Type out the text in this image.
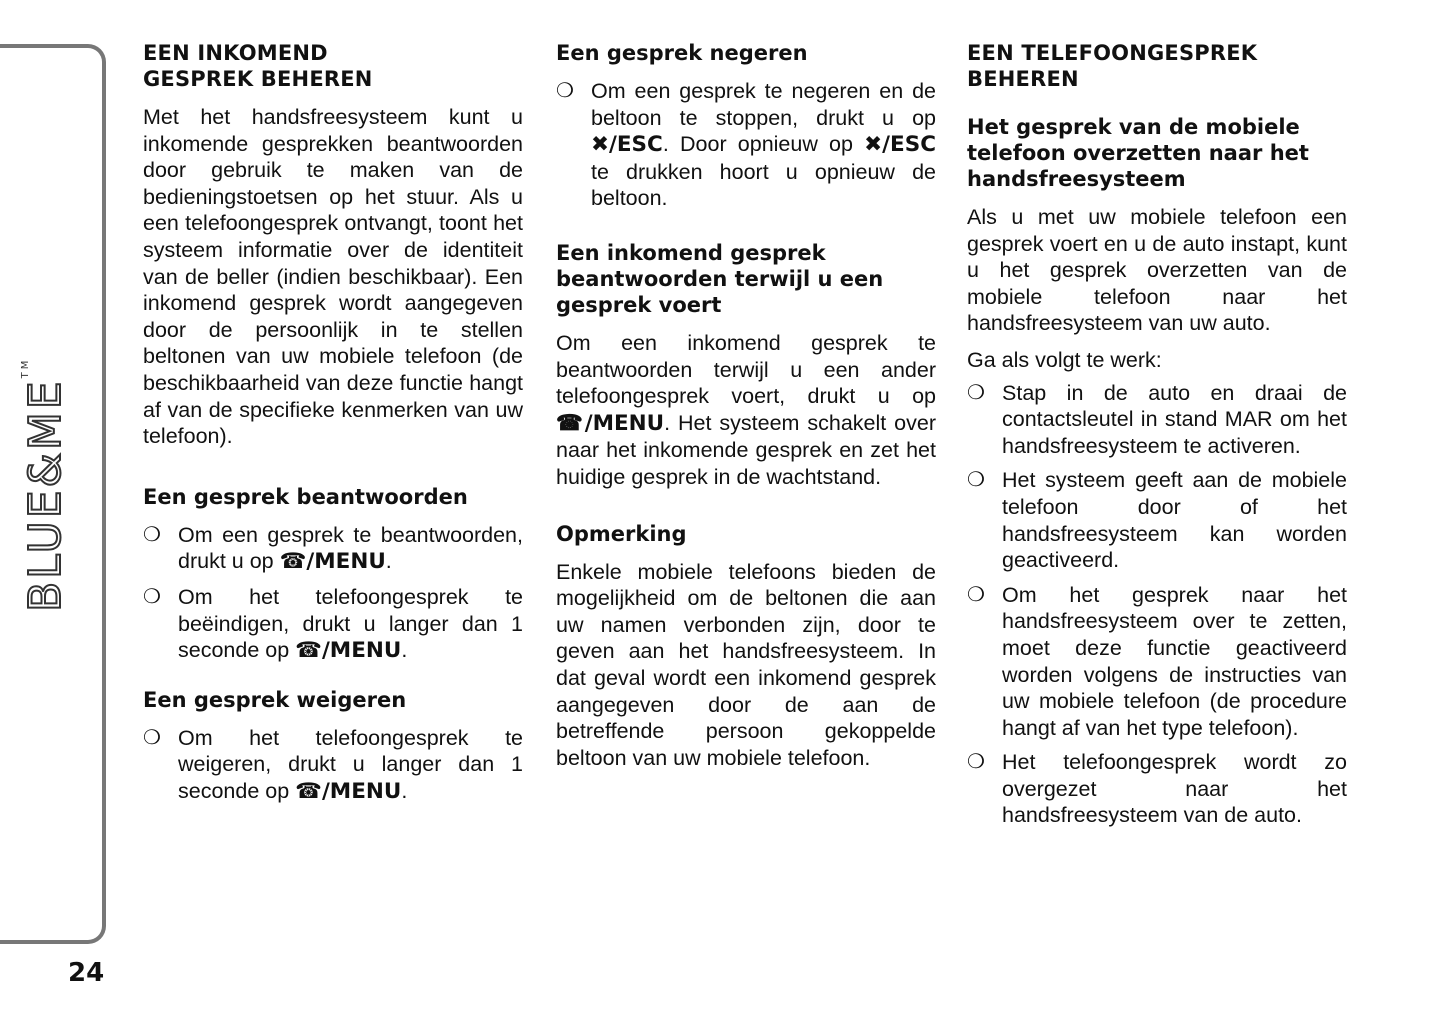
BLUE&ME™
24
EEN INKOMEND GESPREK BEHEREN

Met het handsfreesysteem kunt u inkomende gesprekken beantwoorden door gebruik te maken van de bedieningstoetsen op het stuur. Als u een telefoongesprek ontvangt, toont het systeem informatie over de identiteit van de beller (indien beschikbaar). Een inkomend gesprek wordt aangegeven door de persoonlijk in te stellen beltonen van uw mobiele telefoon (de beschikbaarheid van deze functie hangt af van de specifieke kenmerken van uw telefoon).

Een gesprek beantwoorden
❍ Om een gesprek te beantwoorden, drukt u op ☎/MENU.
❍ Om het telefoongesprek te beëindigen, drukt u langer dan 1 seconde op ☎/MENU.
Een gesprek weigeren
❍ Om het telefoongesprek te weigeren, drukt u langer dan 1 seconde op ☎/MENU.
Een gesprek negeren
❍ Om een gesprek te negeren en de beltoon te stoppen, drukt u op ✖/ESC. Door opnieuw op ✖/ESC te drukken hoort u opnieuw de beltoon.
Een inkomend gesprek beantwoorden terwijl u een gesprek voert

Om een inkomend gesprek te beantwoorden terwijl u een ander telefoongesprek voert, drukt u op ☎/MENU. Het systeem schakelt over naar het inkomende gesprek en zet het huidige gesprek in de wachtstand.

Opmerking

Enkele mobiele telefoons bieden de mogelijkheid om de beltonen die aan uw namen verbonden zijn, door te geven aan het handsfreesysteem. In dat geval wordt een inkomend gesprek aangegeven door de aan de betreffende persoon gekoppelde beltoon van uw mobiele telefoon.

EEN TELEFOONGESPREK BEHEREN
Het gesprek van de mobiele telefoon overzetten naar het handsfreesysteem

Als u met uw mobiele telefoon een gesprek voert en u de auto instapt, kunt u het gesprek overzetten van de mobiele telefoon naar het handsfreesysteem van uw auto.

Ga als volgt te werk:

❍ Stap in de auto en draai de contactsleutel in stand MAR om het handsfreesysteem te activeren.
❍ Het systeem geeft aan de mobiele telefoon door of het handsfreesysteem kan worden geactiveerd.
❍ Om het gesprek naar het handsfreesysteem over te zetten, moet deze functie geactiveerd worden volgens de instructies van uw mobiele telefoon (de procedure hangt af van het type telefoon).
❍ Het telefoongesprek wordt zo overgezet naar het handsfreesysteem van de auto.
